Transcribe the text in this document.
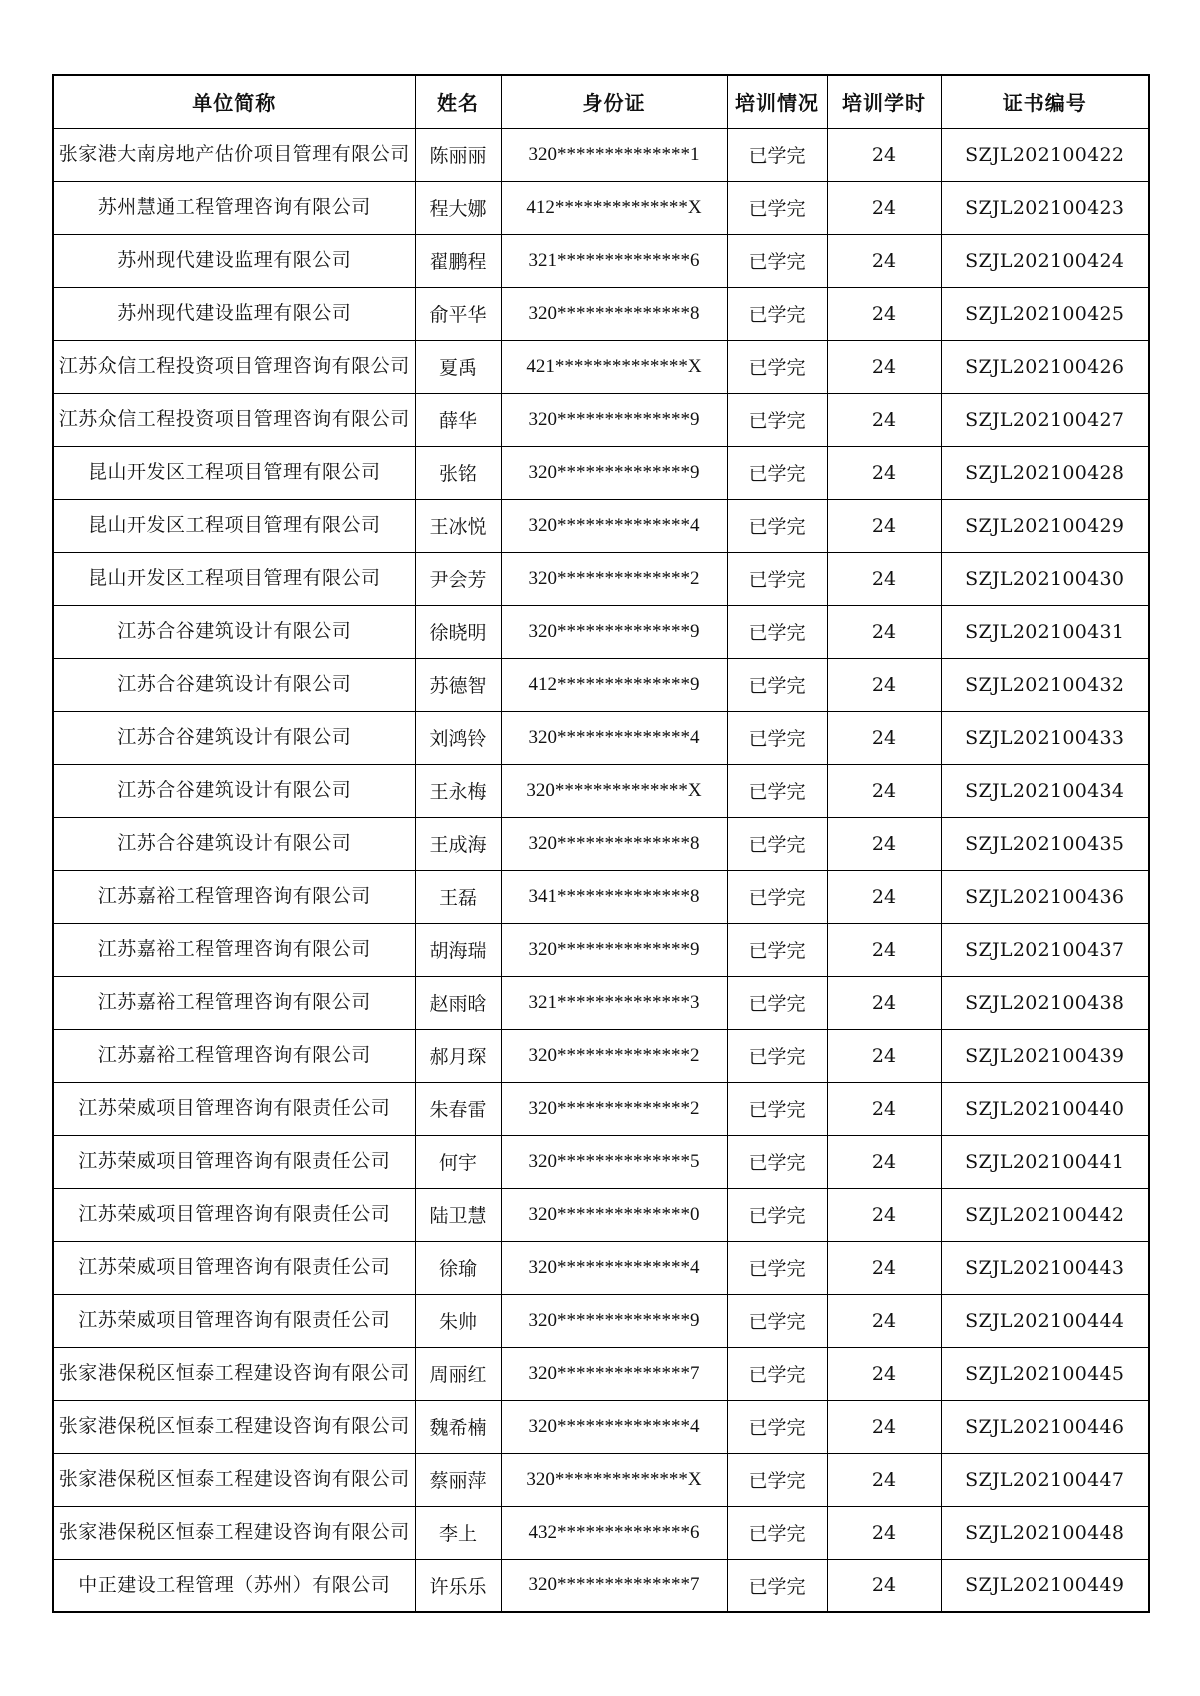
单位简称	姓名	身份证	培训情况	培训学时	证书编号
张家港大南房地产估价项目管理有限公司	陈丽丽	320**************1	已学完	24	SZJL202100422
苏州慧通工程管理咨询有限公司	程大娜	412**************X	已学完	24	SZJL202100423
苏州现代建设监理有限公司	翟鹏程	321**************6	已学完	24	SZJL202100424
苏州现代建设监理有限公司	俞平华	320**************8	已学完	24	SZJL202100425
江苏众信工程投资项目管理咨询有限公司	夏禹	421**************X	已学完	24	SZJL202100426
江苏众信工程投资项目管理咨询有限公司	薛华	320**************9	已学完	24	SZJL202100427
昆山开发区工程项目管理有限公司	张铭	320**************9	已学完	24	SZJL202100428
昆山开发区工程项目管理有限公司	王冰悦	320**************4	已学完	24	SZJL202100429
昆山开发区工程项目管理有限公司	尹会芳	320**************2	已学完	24	SZJL202100430
江苏合谷建筑设计有限公司	徐晓明	320**************9	已学完	24	SZJL202100431
江苏合谷建筑设计有限公司	苏德智	412**************9	已学完	24	SZJL202100432
江苏合谷建筑设计有限公司	刘鸿铃	320**************4	已学完	24	SZJL202100433
江苏合谷建筑设计有限公司	王永梅	320**************X	已学完	24	SZJL202100434
江苏合谷建筑设计有限公司	王成海	320**************8	已学完	24	SZJL202100435
江苏嘉裕工程管理咨询有限公司	王磊	341**************8	已学完	24	SZJL202100436
江苏嘉裕工程管理咨询有限公司	胡海瑞	320**************9	已学完	24	SZJL202100437
江苏嘉裕工程管理咨询有限公司	赵雨晗	321**************3	已学完	24	SZJL202100438
江苏嘉裕工程管理咨询有限公司	郝月琛	320**************2	已学完	24	SZJL202100439
江苏荣威项目管理咨询有限责任公司	朱春雷	320**************2	已学完	24	SZJL202100440
江苏荣威项目管理咨询有限责任公司	何宇	320**************5	已学完	24	SZJL202100441
江苏荣威项目管理咨询有限责任公司	陆卫慧	320**************0	已学完	24	SZJL202100442
江苏荣威项目管理咨询有限责任公司	徐瑜	320**************4	已学完	24	SZJL202100443
江苏荣威项目管理咨询有限责任公司	朱帅	320**************9	已学完	24	SZJL202100444
张家港保税区恒泰工程建设咨询有限公司	周丽红	320**************7	已学完	24	SZJL202100445
张家港保税区恒泰工程建设咨询有限公司	魏希楠	320**************4	已学完	24	SZJL202100446
张家港保税区恒泰工程建设咨询有限公司	蔡丽萍	320**************X	已学完	24	SZJL202100447
张家港保税区恒泰工程建设咨询有限公司	李上	432**************6	已学完	24	SZJL202100448
中正建设工程管理（苏州）有限公司	许乐乐	320**************7	已学完	24	SZJL202100449
